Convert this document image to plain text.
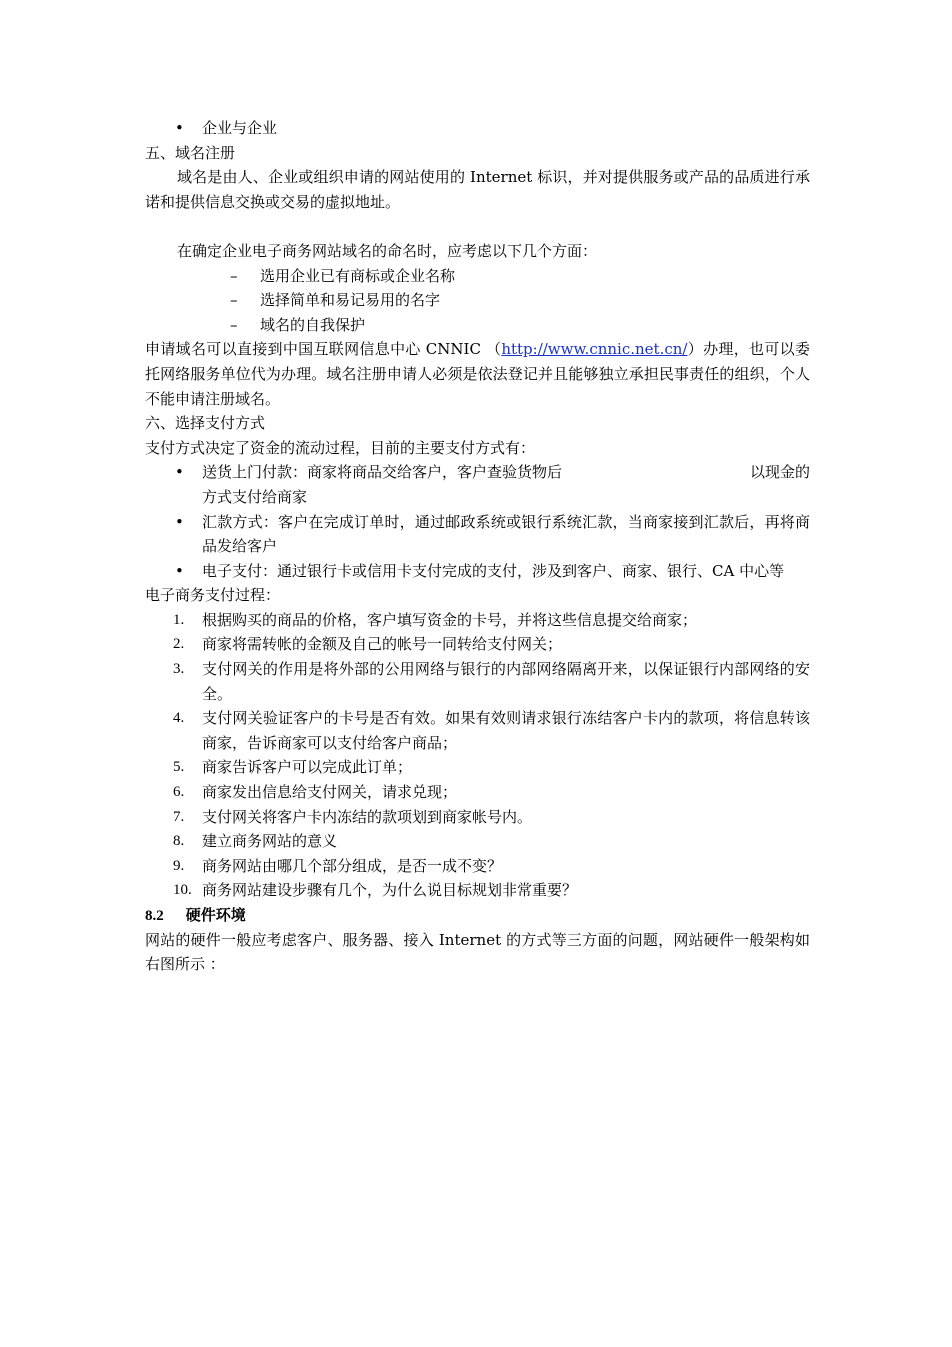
• 企业与企业
五、域名注册
域名是由人、企业或组织申请的网站使用的 Internet 标识，并对提供服务或产品的品质进行承诺和提供信息交换或交易的虚拟地址。
在确定企业电子商务网站域名的命名时，应考虑以下几个方面：
– 选用企业已有商标或企业名称
– 选择简单和易记易用的名字
– 域名的自我保护
申请域名可以直接到中国互联网信息中心 CNNIC （http://www.cnnic.net.cn/）办理，也可以委托网络服务单位代为办理。域名注册申请人必须是依法登记并且能够独立承担民事责任的组织，个人不能申请注册域名。
六、选择支付方式
支付方式决定了资金的流动过程，目前的主要支付方式有：
• 送货上门付款：商家将商品交给客户，客户查验货物后	以现金的
方式支付给商家
• 汇款方式：客户在完成订单时，通过邮政系统或银行系统汇款，当商家接到汇款后，再将商品发给客户
• 电子支付：通过银行卡或信用卡支付完成的支付，涉及到客户、商家、银行、CA 中心等
电子商务支付过程：
1. 根据购买的商品的价格，客户填写资金的卡号，并将这些信息提交给商家；
2. 商家将需转帐的金额及自己的帐号一同转给支付网关；
3. 支付网关的作用是将外部的公用网络与银行的内部网络隔离开来，以保证银行内部网络的安全。
4. 支付网关验证客户的卡号是否有效。如果有效则请求银行冻结客户卡内的款项，将信息转该商家，告诉商家可以支付给客户商品；
5. 商家告诉客户可以完成此订单；
6. 商家发出信息给支付网关，请求兑现；
7. 支付网关将客户卡内冻结的款项划到商家帐号内。
8. 建立商务网站的意义
9. 商务网站由哪几个部分组成，是否一成不变？
10. 商务网站建设步骤有几个，为什么说目标规划非常重要？
8.2 硬件环境
网站的硬件一般应考虑客户、服务器、接入 Internet 的方式等三方面的问题，网站硬件一般架构如右图所示 ：
